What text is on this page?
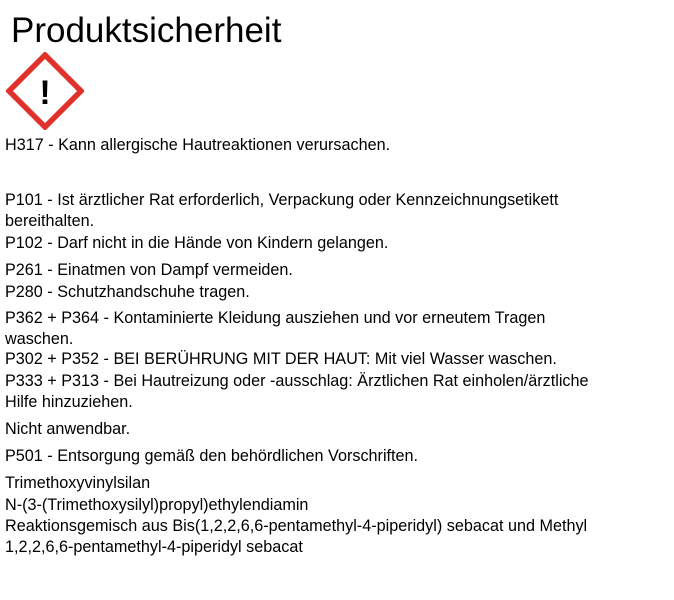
Produktsicherheit
!
H317 - Kann allergische Hautreaktionen verursachen.
P101 - Ist ärztlicher Rat erforderlich, Verpackung oder Kennzeichnungsetikett
bereithalten.
P102 - Darf nicht in die Hände von Kindern gelangen.
P261 - Einatmen von Dampf vermeiden.
P280 - Schutzhandschuhe tragen.
P362 + P364 - Kontaminierte Kleidung ausziehen und vor erneutem Tragen
waschen.
P302 + P352 - BEI BERÜHRUNG MIT DER HAUT: Mit viel Wasser waschen.
P333 + P313 - Bei Hautreizung oder -ausschlag: Ärztlichen Rat einholen/ärztliche
Hilfe hinzuziehen.
Nicht anwendbar.
P501 - Entsorgung gemäß den behördlichen Vorschriften.
Trimethoxyvinylsilan
N-(3-(Trimethoxysilyl)propyl)ethylendiamin
Reaktionsgemisch aus Bis(1,2,2,6,6-pentamethyl-4-piperidyl) sebacat und Methyl
1,2,2,6,6-pentamethyl-4-piperidyl sebacat
